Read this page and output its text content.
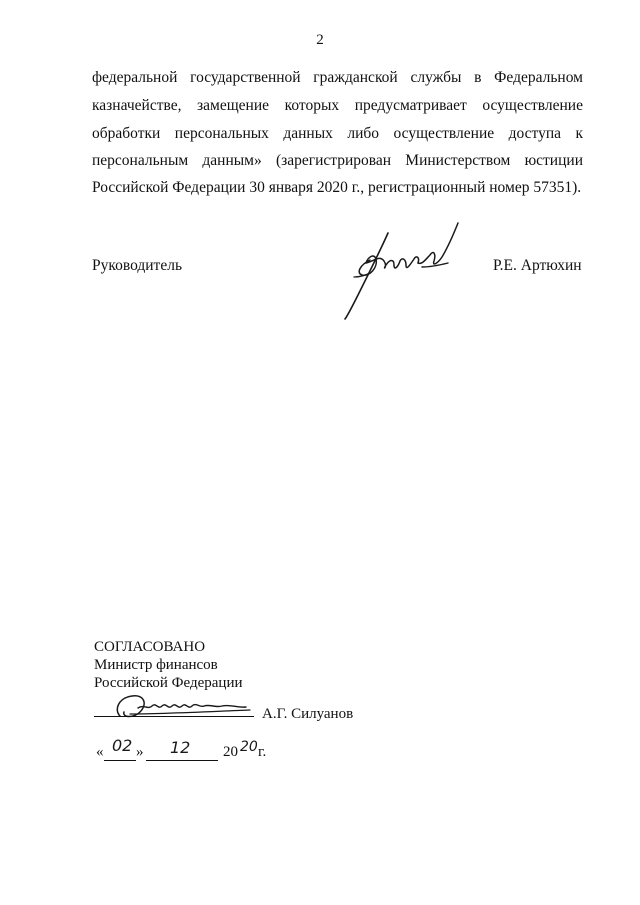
2
федеральной государственной гражданской службы в Федеральном
казначействе, замещение которых предусматривает осуществление
обработки персональных данных либо осуществление доступа к
персональным данным» (зарегистрирован Министерством юстиции
Российской Федерации 30 января 2020 г., регистрационный номер 57351).
Руководитель	Р.Е. Артюхин
СОГЛАСОВАНО
Министр финансов
Российской Федерации
А.Г. Силуанов
« 02 » 12 20 20 г.
